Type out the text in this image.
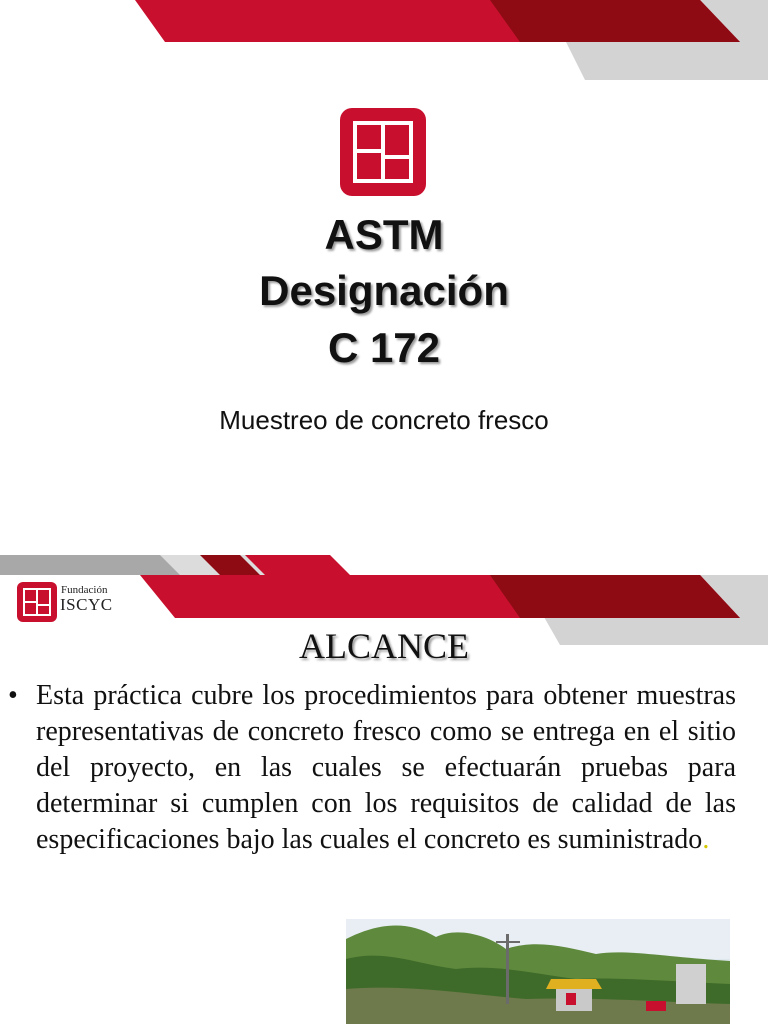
ASTM
Designación
C 172
Muestreo de concreto fresco
Fundación
ISCYC
ALCANCE
• Esta práctica cubre los procedimientos para obtener muestras representativas de concreto fresco como se entrega en el sitio del proyecto, en las cuales se efectuarán pruebas para determinar si cumplen con los requisitos de calidad de las especificaciones bajo las cuales el concreto es suministrado.
